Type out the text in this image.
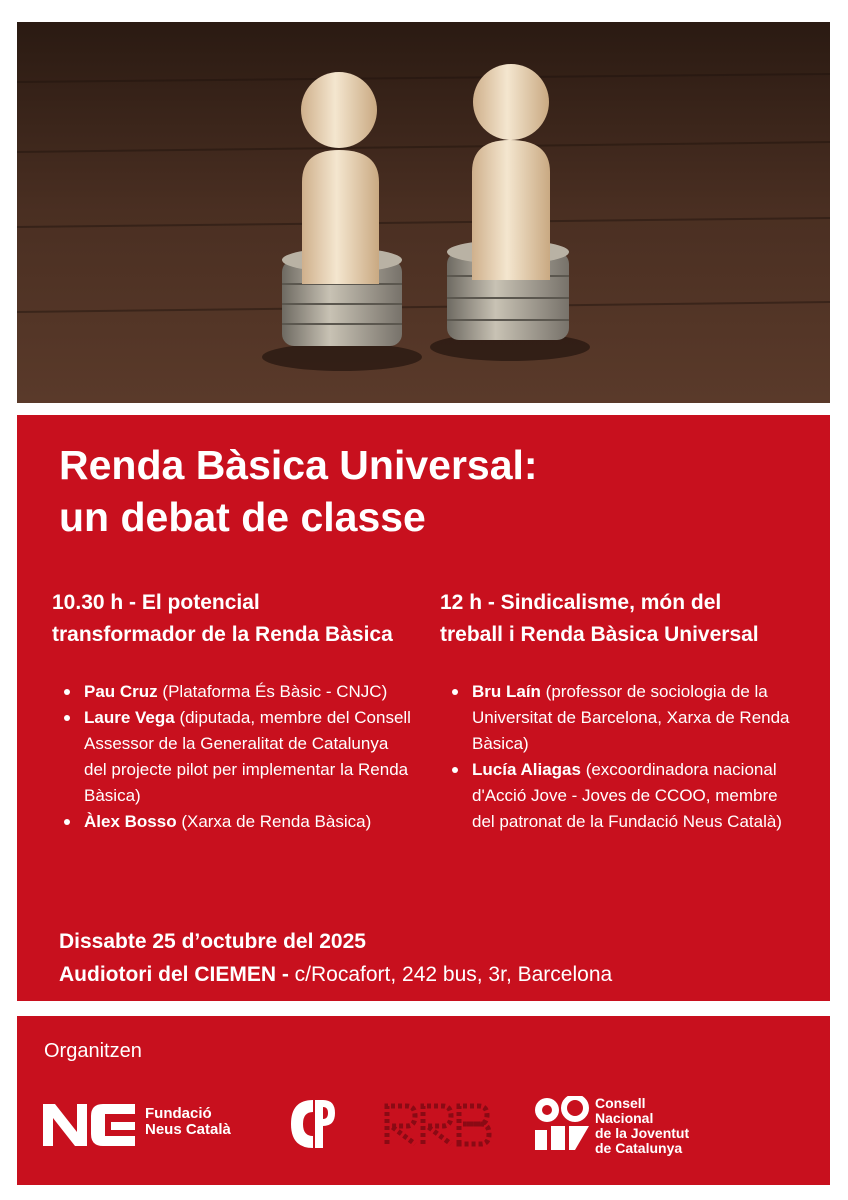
Renda Bàsica Universal:
un debat de classe

10.30 h - El potencial transformador de la Renda Bàsica

Pau Cruz (Plataforma És Bàsic - CNJC)
Laure Vega (diputada, membre del Consell Assessor de la Generalitat de Catalunya del projecte pilot per implementar la Renda Bàsica)
Àlex Bosso (Xarxa de Renda Bàsica)

12 h - Sindicalisme, món del treball i Renda Bàsica Universal

Bru Laín (professor de sociologia de la Universitat de Barcelona, Xarxa de Renda Bàsica)
Lucía Aliagas (excoordinadora nacional d'Acció Jove - Joves de CCOO, membre del patronat de la Fundació Neus Català)
Dissabte 25 d’octubre del 2025
Audiotori del CIEMEN - c/Rocafort, 242 bus, 3r, Barcelona
Organitzen
Fundació
Neus Català
Consell
Nacional
de la Joventut
de Catalunya
